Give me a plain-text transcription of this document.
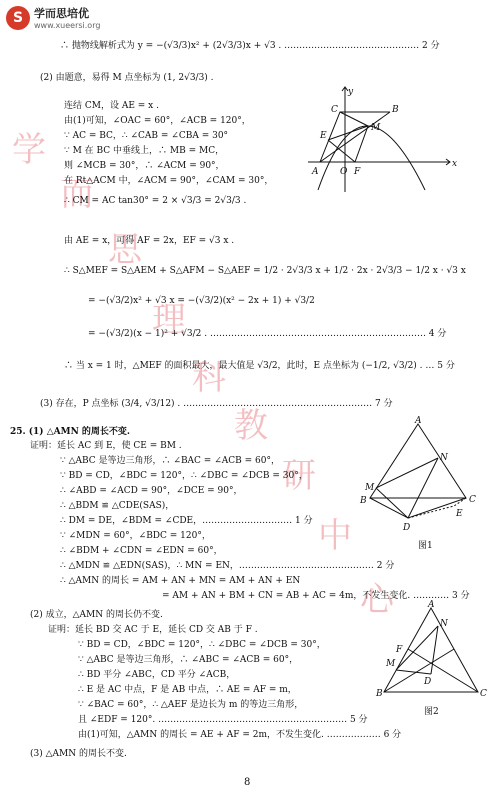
S 学而思培优
www.xueersi.org
学
而
思
理
科
教
研
中
心
∴ 抛物线解析式为 y = −(√3/3)x² + (2√3/3)x + √3 . ……………………………………… 2 分
(2) 由题意，易得 M 点坐标为 (1, 2√3/3) .
连结 CM，设 AE = x .
由(1)可知，∠OAC = 60°，∠ACB = 120°，
∵ AC = BC，∴ ∠CAB = ∠CBA = 30°
∵ M 在 BC 中垂线上，∴ MB = MC，
则 ∠MCB = 30°，∴ ∠ACM = 90°，
在 Rt△ACM 中，∠ACM = 90°，∠CAM = 30°，
∴ CM = AC tan30° = 2 × √3/3 = 2√3/3 .
由 AE = x，可得 AF = 2x，EF = √3 x .
∴ S△MEF = S△AEM + S△AFM − S△AEF = 1/2 · 2√3/3 x + 1/2 · 2x · 2√3/3 − 1/2 x · √3 x
= −(√3/2)x² + √3 x = −(√3/2)(x² − 2x + 1) + √3/2
= −(√3/2)(x − 1)² + √3/2 . ……………………………………………………………… 4 分
∴ 当 x = 1 时，△MEF 的面积最大，最大值是 √3/2，此时，E 点坐标为 (−1/2, √3/2) . … 5 分
(3) 存在，P 点坐标 (3/4, √3/12) . ……………………………………………………… 7 分
25. (1) △AMN 的周长不变.
证明：延长 AC 到 E，使 CE = BM .
∵ △ABC 是等边三角形，∴ ∠BAC = ∠ACB = 60°，
∵ BD = CD，∠BDC = 120°，∴ ∠DBC = ∠DCB = 30°，
∴ ∠ABD = ∠ACD = 90°，∠DCE = 90°，
∴ △BDM ≌ △CDE(SAS)，
∴ DM = DE，∠BDM = ∠CDE，………………………… 1 分
∵ ∠MDN = 60°，∠BDC = 120°，
∴ ∠BDM + ∠CDN = ∠EDN = 60°，
∴ △MDN ≌ △EDN(SAS)，∴ MN = EN，……………………………………… 2 分
∴ △AMN 的周长 = AM + AN + MN = AM + AN + EN
= AM + AN + BM + CN = AB + AC = 4m，不发生变化. ………… 3 分
(2) 成立，△AMN 的周长仍不变.
证明：延长 BD 交 AC 于 E，延长 CD 交 AB 于 F .
∵ BD = CD，∠BDC = 120°，∴ ∠DBC = ∠DCB = 30°，
∵ △ABC 是等边三角形，∴ ∠ABC = ∠ACB = 60°，
∴ BD 平分 ∠ABC，CD 平分 ∠ACB，
∴ E 是 AC 中点，F 是 AB 中点，∴ AE = AF = m，
∵ ∠BAC = 60°，∴ △AEF 是边长为 m 的等边三角形，
且 ∠EDF = 120°. ……………………………………………………… 5 分
由(1)可知，△AMN 的周长 = AE + AF = 2m，不发生变化. ……………… 6 分
(3) △AMN 的周长不变.
y
C	B
E
M
A O F
x
A
N
M
B	C
D
E
图1
A
N
M
F
B	C
D
图2
8
